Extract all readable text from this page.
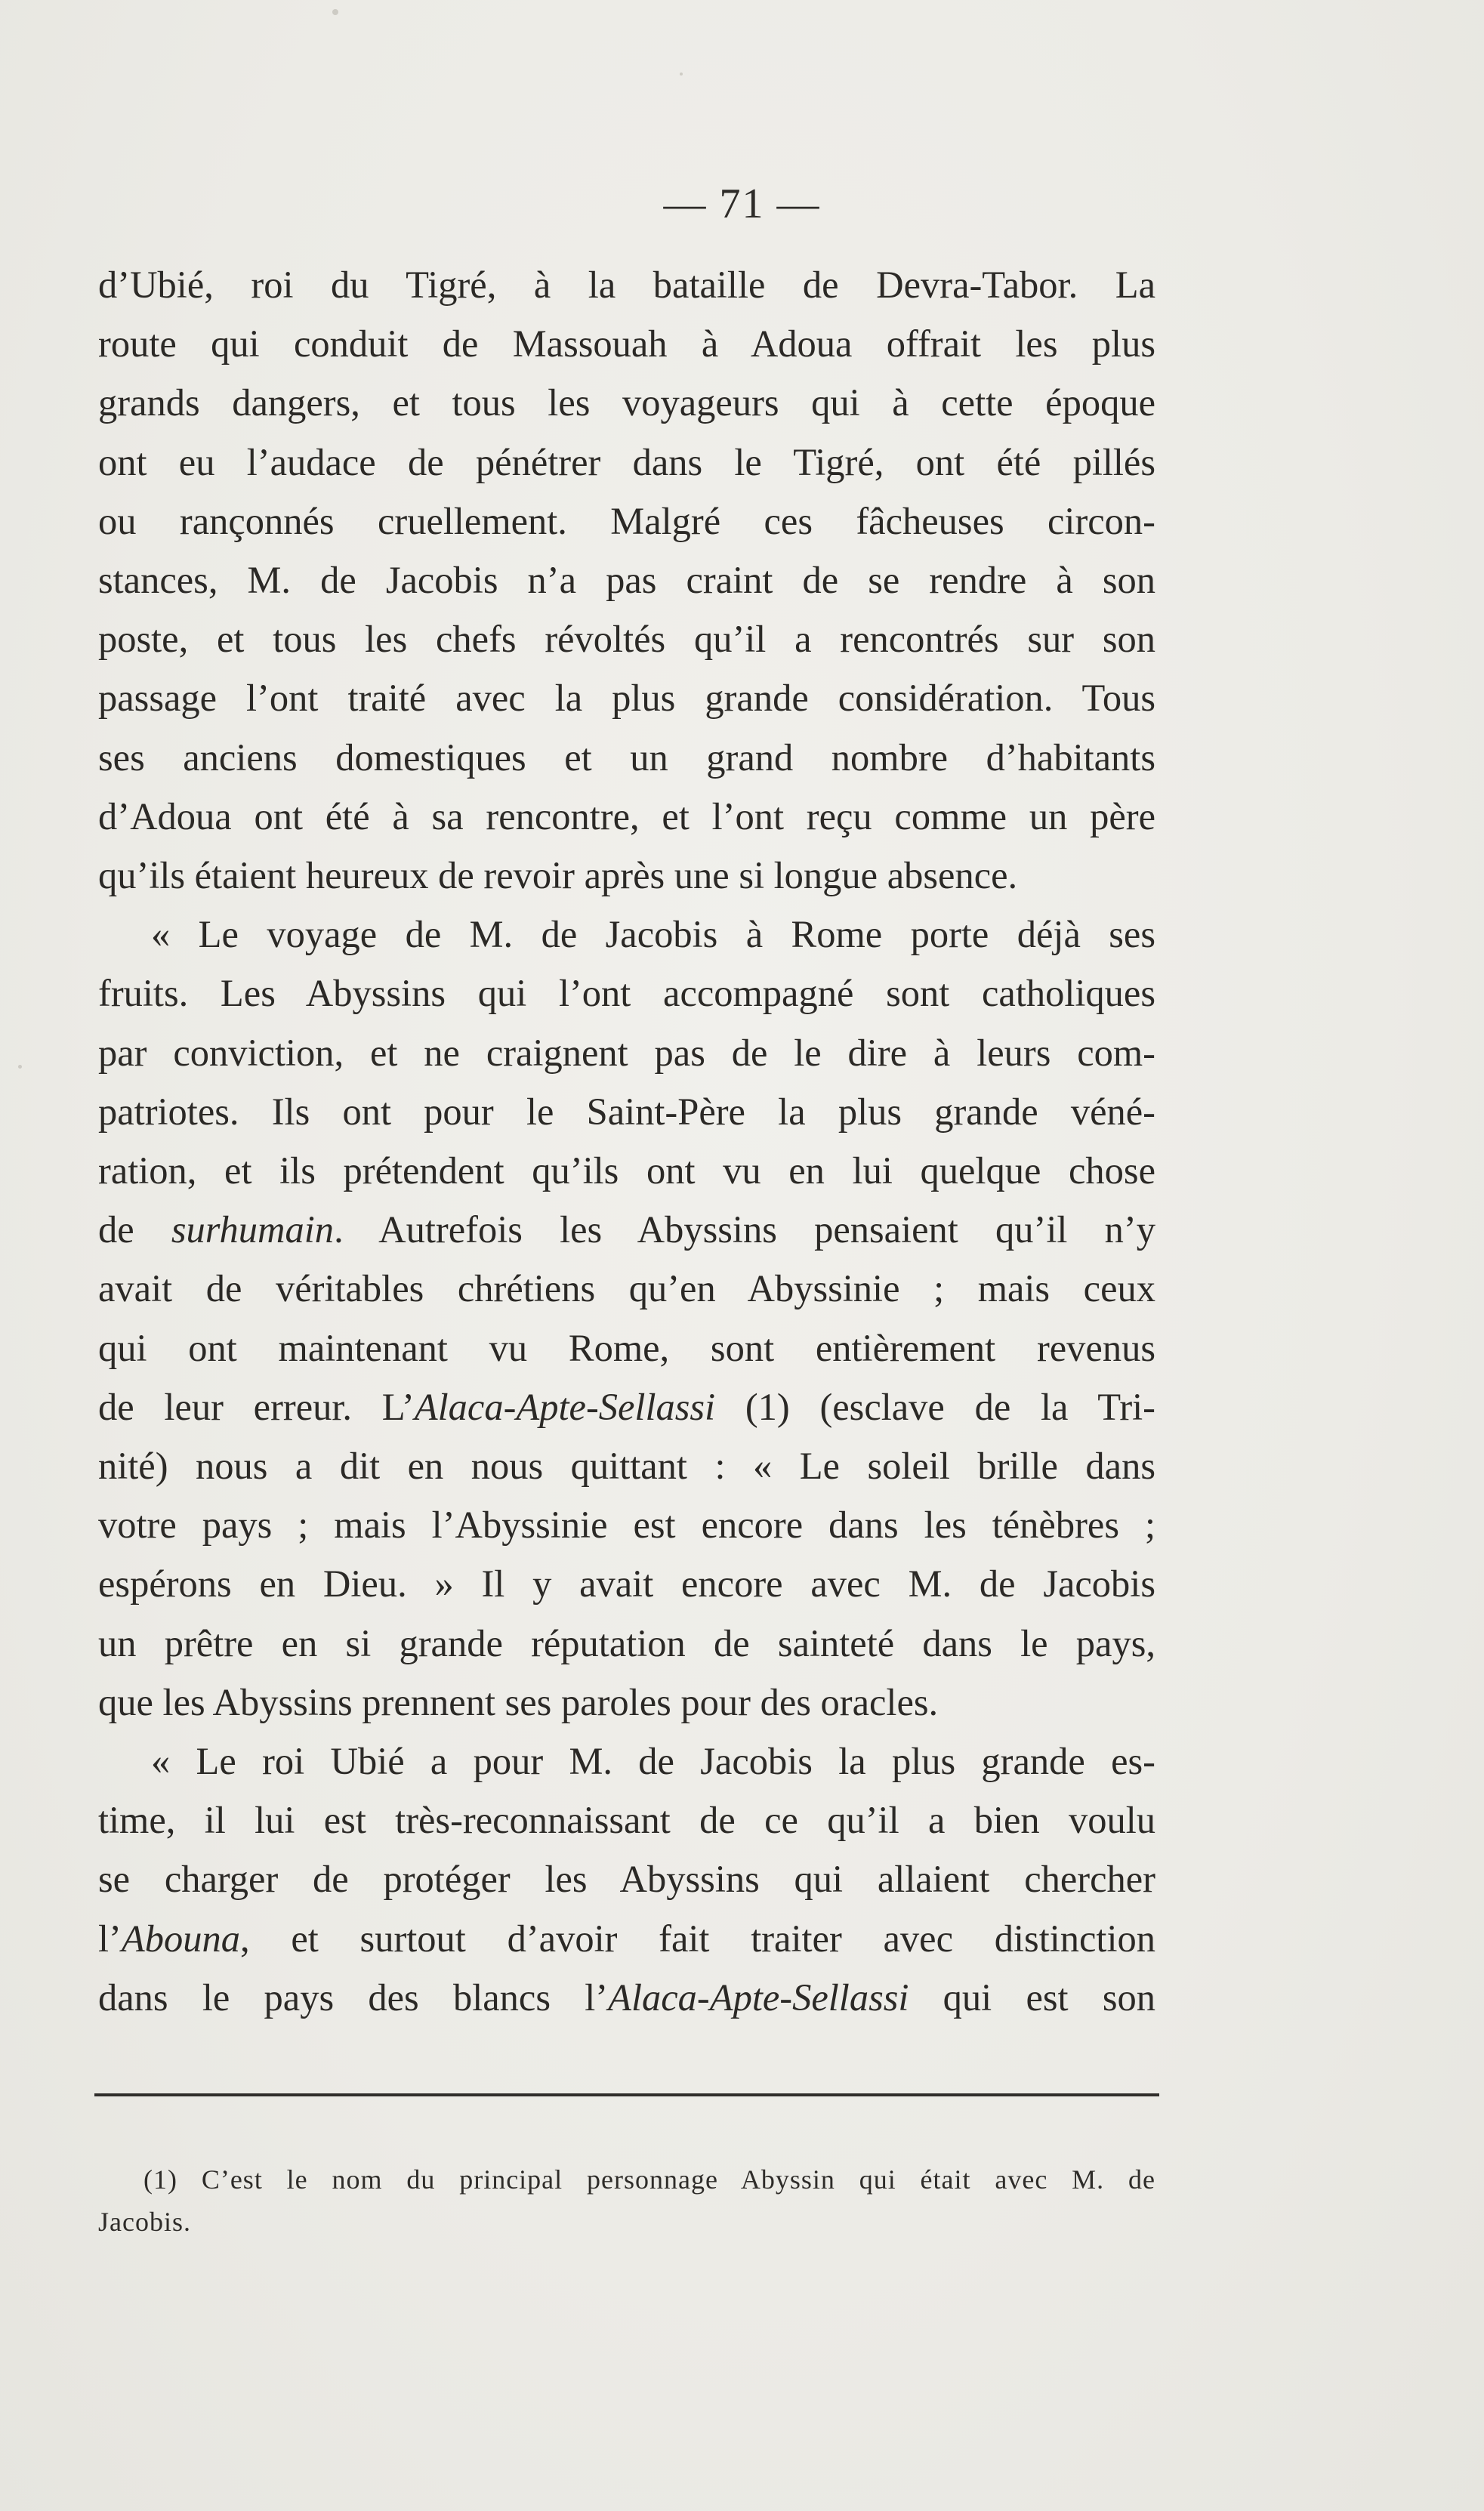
— 71 —
d’Ubié, roi du Tigré, à la bataille de Devra-Tabor. La
route qui conduit de Massouah à Adoua offrait les plus
grands dangers, et tous les voyageurs qui à cette époque
ont eu l’audace de pénétrer dans le Tigré, ont été pillés
ou rançonnés cruellement. Malgré ces fâcheuses circon-
stances, M. de Jacobis n’a pas craint de se rendre à son
poste, et tous les chefs révoltés qu’il a rencontrés sur son
passage l’ont traité avec la plus grande considération. Tous
ses anciens domestiques et un grand nombre d’habitants
d’Adoua ont été à sa rencontre, et l’ont reçu comme un père
qu’ils étaient heureux de revoir après une si longue absence.
« Le voyage de M. de Jacobis à Rome porte déjà ses
fruits. Les Abyssins qui l’ont accompagné sont catholiques
par conviction, et ne craignent pas de le dire à leurs com-
patriotes. Ils ont pour le Saint-Père la plus grande véné-
ration, et ils prétendent qu’ils ont vu en lui quelque chose
de surhumain. Autrefois les Abyssins pensaient qu’il n’y
avait de véritables chrétiens qu’en Abyssinie ; mais ceux
qui ont maintenant vu Rome, sont entièrement revenus
de leur erreur. L’Alaca-Apte-Sellassi (1) (esclave de la Tri-
nité) nous a dit en nous quittant : « Le soleil brille dans
votre pays ; mais l’Abyssinie est encore dans les ténèbres ;
espérons en Dieu. » Il y avait encore avec M. de Jacobis
un prêtre en si grande réputation de sainteté dans le pays,
que les Abyssins prennent ses paroles pour des oracles.
« Le roi Ubié a pour M. de Jacobis la plus grande es-
time, il lui est très-reconnaissant de ce qu’il a bien voulu
se charger de protéger les Abyssins qui allaient chercher
l’Abouna, et surtout d’avoir fait traiter avec distinction
dans le pays des blancs l’Alaca-Apte-Sellassi qui est son
(1) C’est le nom du principal personnage Abyssin qui était avec M. de
Jacobis.
